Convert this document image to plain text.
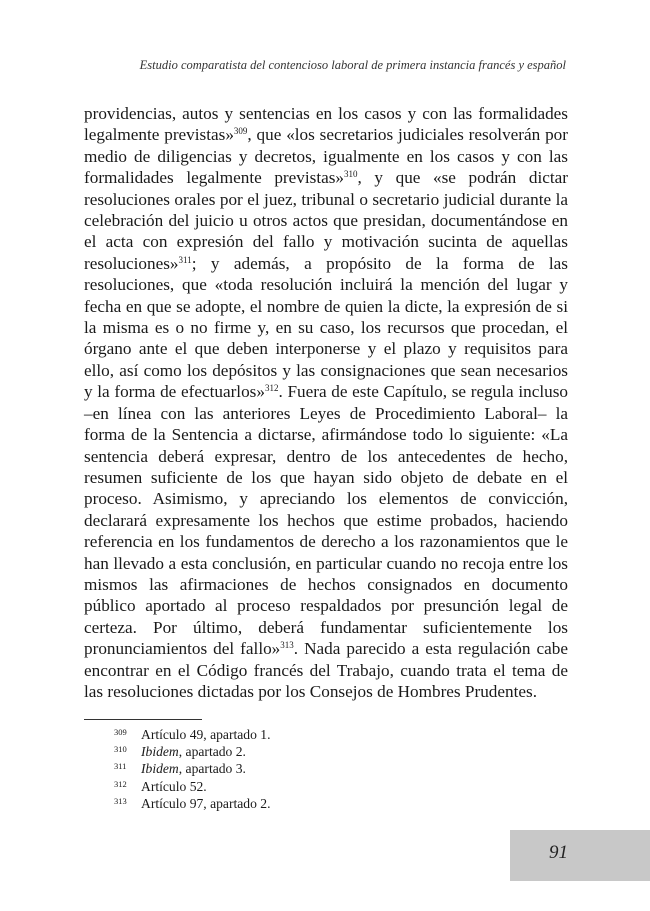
Estudio comparatista del contencioso laboral de primera instancia francés y español

providencias, autos y sentencias en los casos y con las formalidades legalmente previstas»$^{309}$, que «los secretarios judiciales resolverán por medio de diligencias y decretos, igualmente en los casos y con las formalidades legalmente previstas»$^{310}$, y que «se podrán dictar resoluciones orales por el juez, tribunal o secretario judicial durante la celebración del juicio u otros actos que presidan, documentándose en el acta con expresión del fallo y motivación sucinta de aquellas resoluciones»$^{311}$; y además, a propósito de la forma de las resoluciones, que «toda resolución incluirá la mención del lugar y fecha en que se adopte, el nombre de quien la dicte, la expresión de si la misma es o no firme y, en su caso, los recursos que procedan, el órgano ante el que deben interponerse y el plazo y requisitos para ello, así como los depósitos y las consignaciones que sean necesarios y la forma de efectuarlos»$^{312}$. Fuera de este Capítulo, se regula incluso –en línea con las anteriores Leyes de Procedimiento Laboral– la forma de la Sentencia a dictarse, afirmándose todo lo siguiente: «La sentencia deberá expresar, dentro de los antecedentes de hecho, resumen suficiente de los que hayan sido objeto de debate en el proceso. Asimismo, y apreciando los elementos de convicción, declarará expresamente los hechos que estime probados, haciendo referencia en los fundamentos de derecho a los razonamientos que le han llevado a esta conclusión, en particular cuando no recoja entre los mismos las afirmaciones de hechos consignados en documento público aportado al proceso respaldados por presunción legal de certeza. Por último, deberá fundamentar suficientemente los pronunciamientos del fallo»$^{313}$. Nada parecido a esta regulación cabe encontrar en el Código francés del Trabajo, cuando trata el tema de las resoluciones dictadas por los Consejos de Hombres Prudentes.

309	Artículo 49, apartado 1.
310	Ibidem, apartado 2.
311	Ibidem, apartado 3.
312	Artículo 52.
313	Artículo 97, apartado 2.
91
